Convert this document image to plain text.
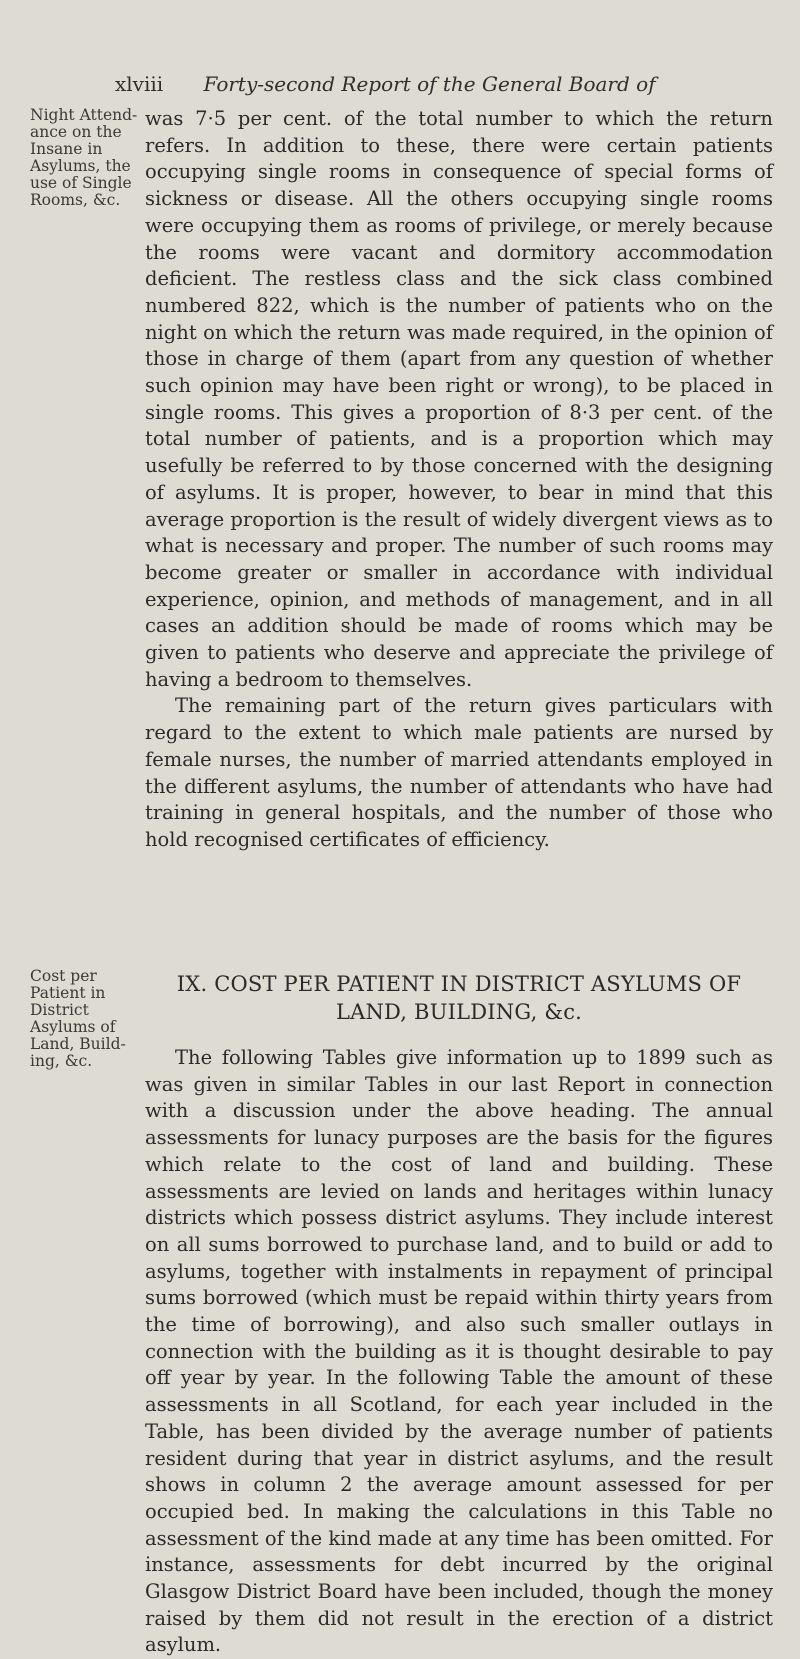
xlviii Forty-second Report of the General Board of
Night Attend-
ance on the
Insane in
Asylums, the
use of Single
Rooms, &c.

was 7·5 per cent. of the total number to which the return refers. In addition to these, there were certain patients occupying single rooms in consequence of special forms of sickness or disease. All the others occupying single rooms were occupying them as rooms of privilege, or merely because the rooms were vacant and dormitory accommodation deficient. The restless class and the sick class combined numbered 822, which is the number of patients who on the night on which the return was made required, in the opinion of those in charge of them (apart from any question of whether such opinion may have been right or wrong), to be placed in single rooms. This gives a proportion of 8·3 per cent. of the total number of patients, and is a proportion which may usefully be referred to by those concerned with the designing of asylums. It is proper, however, to bear in mind that this average proportion is the result of widely divergent views as to what is necessary and proper. The number of such rooms may become greater or smaller in accordance with individual experience, opinion, and methods of management, and in all cases an addition should be made of rooms which may be given to patients who deserve and appreciate the privilege of having a bedroom to themselves.

The remaining part of the return gives particulars with regard to the extent to which male patients are nursed by female nurses, the number of married attendants employed in the different asylums, the number of attendants who have had training in general hospitals, and the number of those who hold recognised certificates of efficiency.

Cost per
Patient in
District
Asylums of
Land, Build-
ing, &c.
IX. COST PER PATIENT IN DISTRICT ASYLUMS OF
LAND, BUILDING, &c.

The following Tables give information up to 1899 such as was given in similar Tables in our last Report in connection with a discussion under the above heading. The annual assessments for lunacy purposes are the basis for the figures which relate to the cost of land and building. These assessments are levied on lands and heritages within lunacy districts which possess district asylums. They include interest on all sums borrowed to purchase land, and to build or add to asylums, together with instalments in repayment of principal sums borrowed (which must be repaid within thirty years from the time of borrowing), and also such smaller outlays in connection with the building as it is thought desirable to pay off year by year. In the following Table the amount of these assessments in all Scotland, for each year included in the Table, has been divided by the average number of patients resident during that year in district asylums, and the result shows in column 2 the average amount assessed for per occupied bed. In making the calculations in this Table no assessment of the kind made at any time has been omitted. For instance, assessments for debt incurred by the original Glasgow District Board have been included, though the money raised by them did not result in the erection of a district asylum.
